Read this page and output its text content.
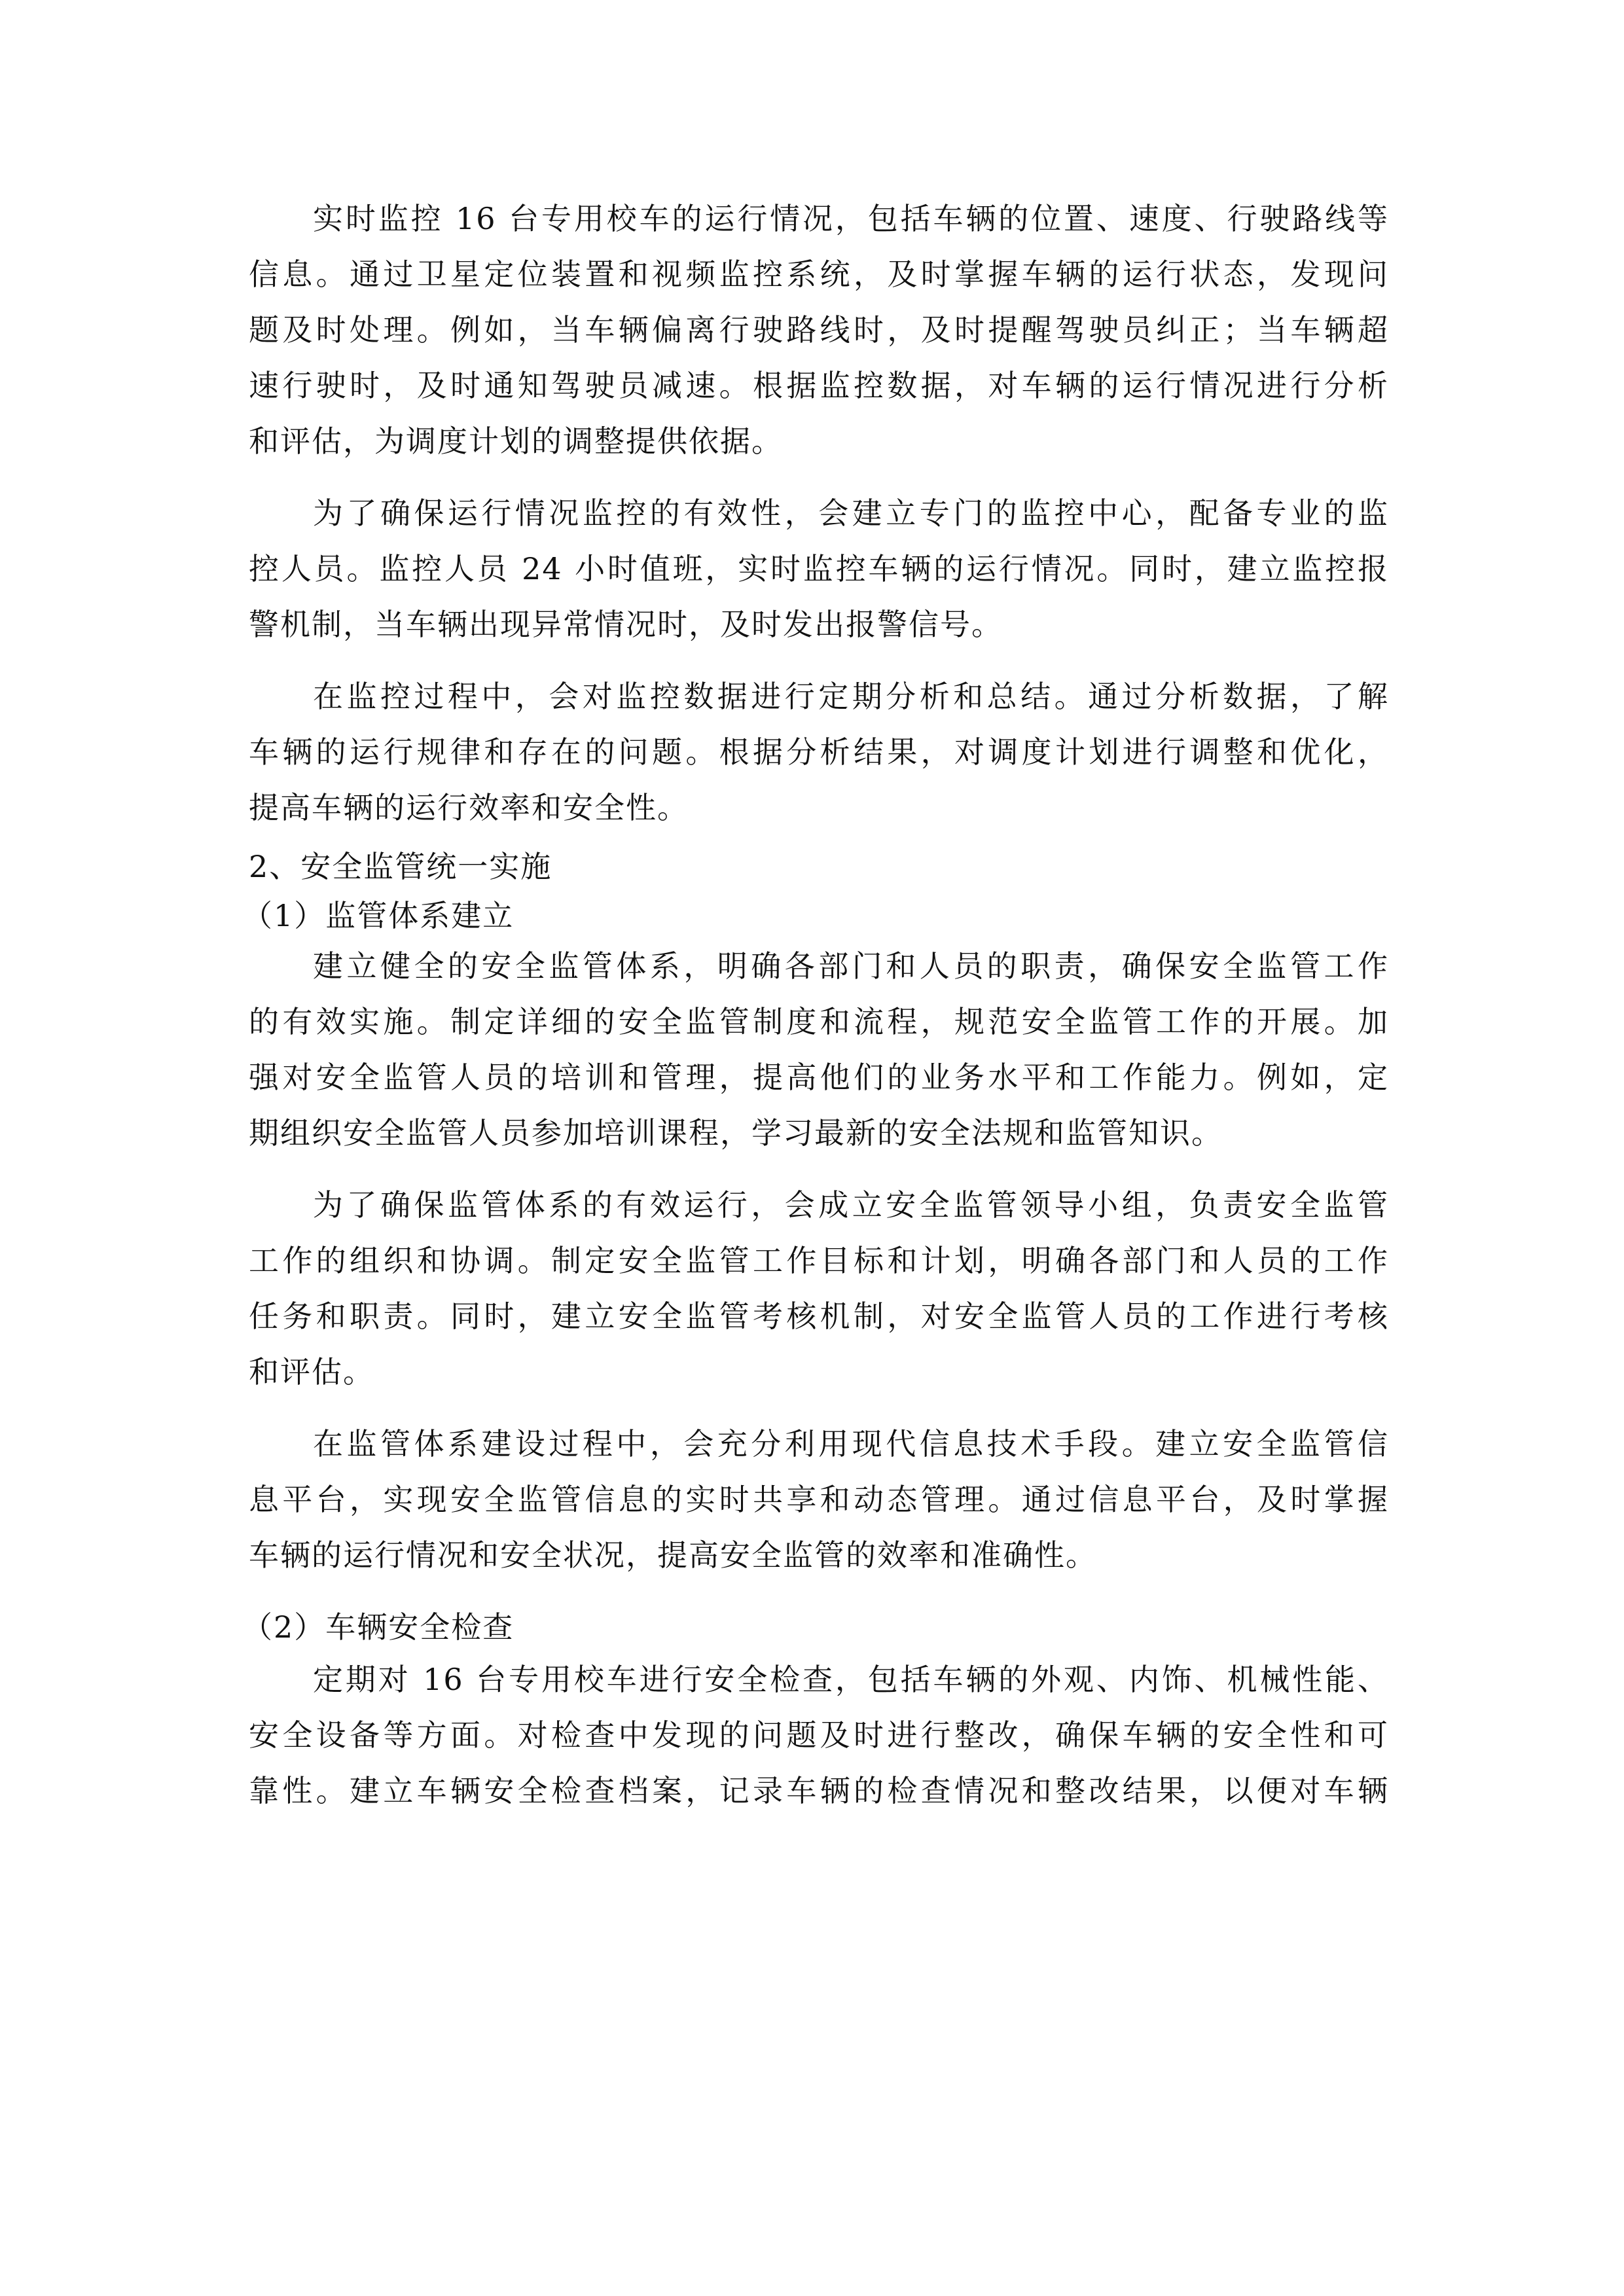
实时监控 16 台专用校车的运行情况，包括车辆的位置、速度、行驶路线等
信息。通过卫星定位装置和视频监控系统，及时掌握车辆的运行状态，发现问
题及时处理。例如，当车辆偏离行驶路线时，及时提醒驾驶员纠正；当车辆超
速行驶时，及时通知驾驶员减速。根据监控数据，对车辆的运行情况进行分析
和评估，为调度计划的调整提供依据。
为了确保运行情况监控的有效性，会建立专门的监控中心，配备专业的监
控人员。监控人员 24 小时值班，实时监控车辆的运行情况。同时，建立监控报
警机制，当车辆出现异常情况时，及时发出报警信号。
在监控过程中，会对监控数据进行定期分析和总结。通过分析数据，了解
车辆的运行规律和存在的问题。根据分析结果，对调度计划进行调整和优化，
提高车辆的运行效率和安全性。
2、安全监管统一实施
（1）监管体系建立
建立健全的安全监管体系，明确各部门和人员的职责，确保安全监管工作
的有效实施。制定详细的安全监管制度和流程，规范安全监管工作的开展。加
强对安全监管人员的培训和管理，提高他们的业务水平和工作能力。例如，定
期组织安全监管人员参加培训课程，学习最新的安全法规和监管知识。
为了确保监管体系的有效运行，会成立安全监管领导小组，负责安全监管
工作的组织和协调。制定安全监管工作目标和计划，明确各部门和人员的工作
任务和职责。同时，建立安全监管考核机制，对安全监管人员的工作进行考核
和评估。
在监管体系建设过程中，会充分利用现代信息技术手段。建立安全监管信
息平台，实现安全监管信息的实时共享和动态管理。通过信息平台，及时掌握
车辆的运行情况和安全状况，提高安全监管的效率和准确性。
（2）车辆安全检查
定期对 16 台专用校车进行安全检查，包括车辆的外观、内饰、机械性能、
安全设备等方面。对检查中发现的问题及时进行整改，确保车辆的安全性和可
靠性。建立车辆安全检查档案，记录车辆的检查情况和整改结果，以便对车辆
